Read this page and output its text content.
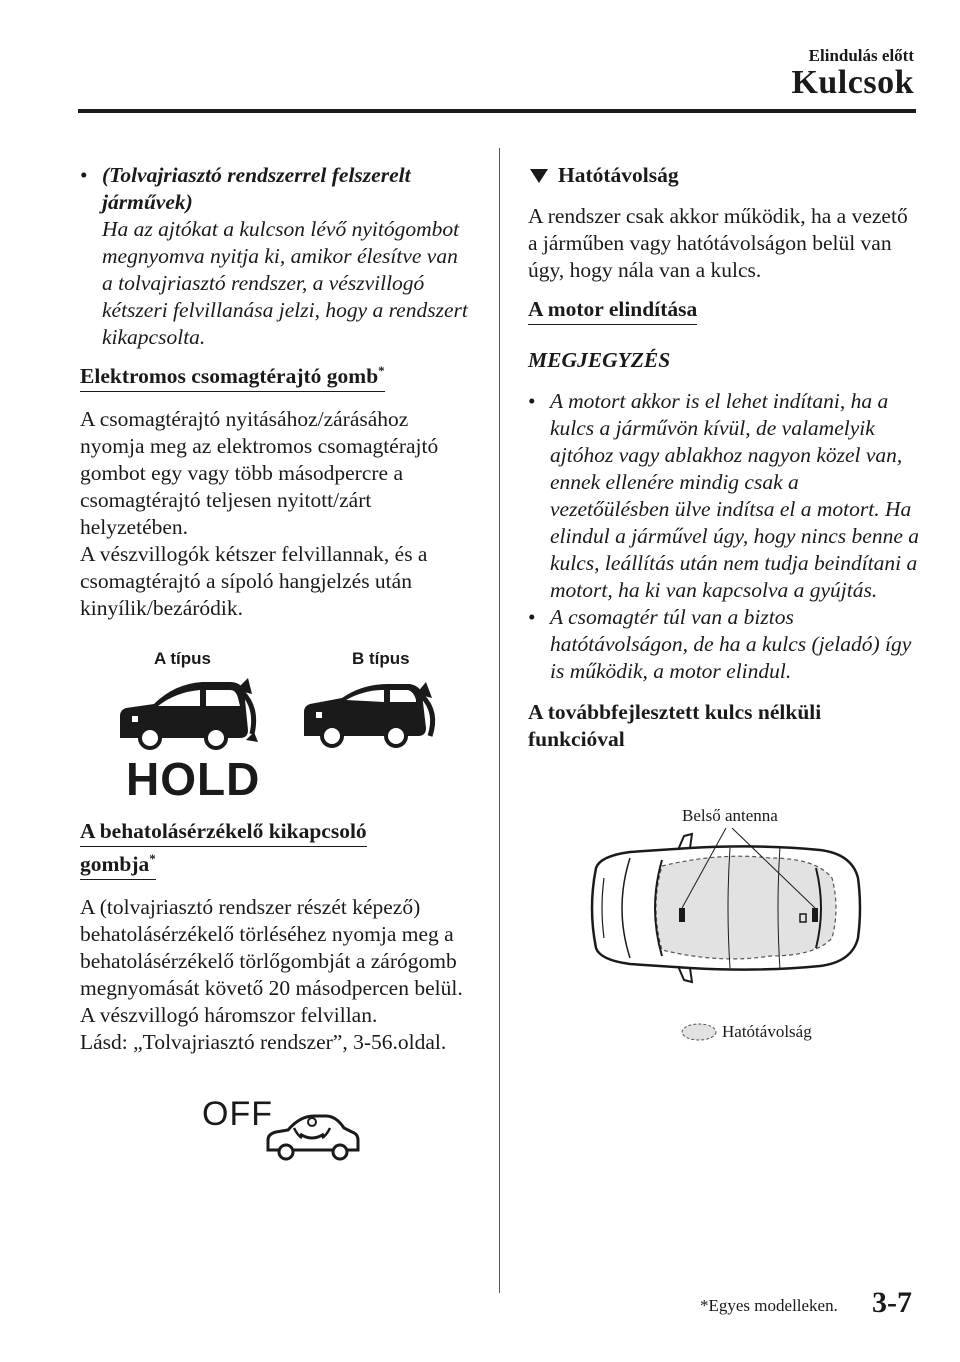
Elindulás előtt
Kulcsok
• (Tolvajriasztó rendszerrel felszerelt járművek)

Ha az ajtókat a kulcson lévő nyitógombot megnyomva nyitja ki, amikor élesítve van a tolvajriasztó rendszer, a vészvillogó kétszeri felvillanása jelzi, hogy a rendszert kikapcsolta.

Elektromos csomagtérajtó gomb*

A csomagtérajtó nyitásához/zárásához nyomja meg az elektromos csomagtérajtó gombot egy vagy több másodpercre a csomagtérajtó teljesen nyitott/zárt helyzetében.

A vészvillogók kétszer felvillannak, és a csomagtérajtó a sípoló hangjelzés után kinyílik/bezáródik.

A típus	B típus
HOLD
A behatolásérzékelő kikapcsoló
gombja*

A (tolvajriasztó rendszer részét képező) behatolásérzékelő törléséhez nyomja meg a behatolásérzékelő törlőgombját a zárógomb megnyomását követő 20 másodpercen belül. A vészvillogó háromszor felvillan.

Lásd: „Tolvajriasztó rendszer”, 3-56.oldal.

OFF
Hatótávolság

A rendszer csak akkor működik, ha a vezető a járműben vagy hatótávolságon belül van úgy, hogy nála van a kulcs.

A motor elindítása

MEGJEGYZÉS

• A motort akkor is el lehet indítani, ha a kulcs a járművön kívül, de valamelyik ajtóhoz vagy ablakhoz nagyon közel van, ennek ellenére mindig csak a vezetőülésben ülve indítsa el a motort. Ha elindul a járművel úgy, hogy nincs benne a kulcs, leállítás után nem tudja beindítani a motort, ha ki van kapcsolva a gyújtás.

• A csomagtér túl van a biztos hatótávolságon, de ha a kulcs (jeladó) így is működik, a motor elindul.

A továbbfejlesztett kulcs nélküli funkcióval

Belső antenna
Hatótávolság
*Egyes modelleken. 3-7
